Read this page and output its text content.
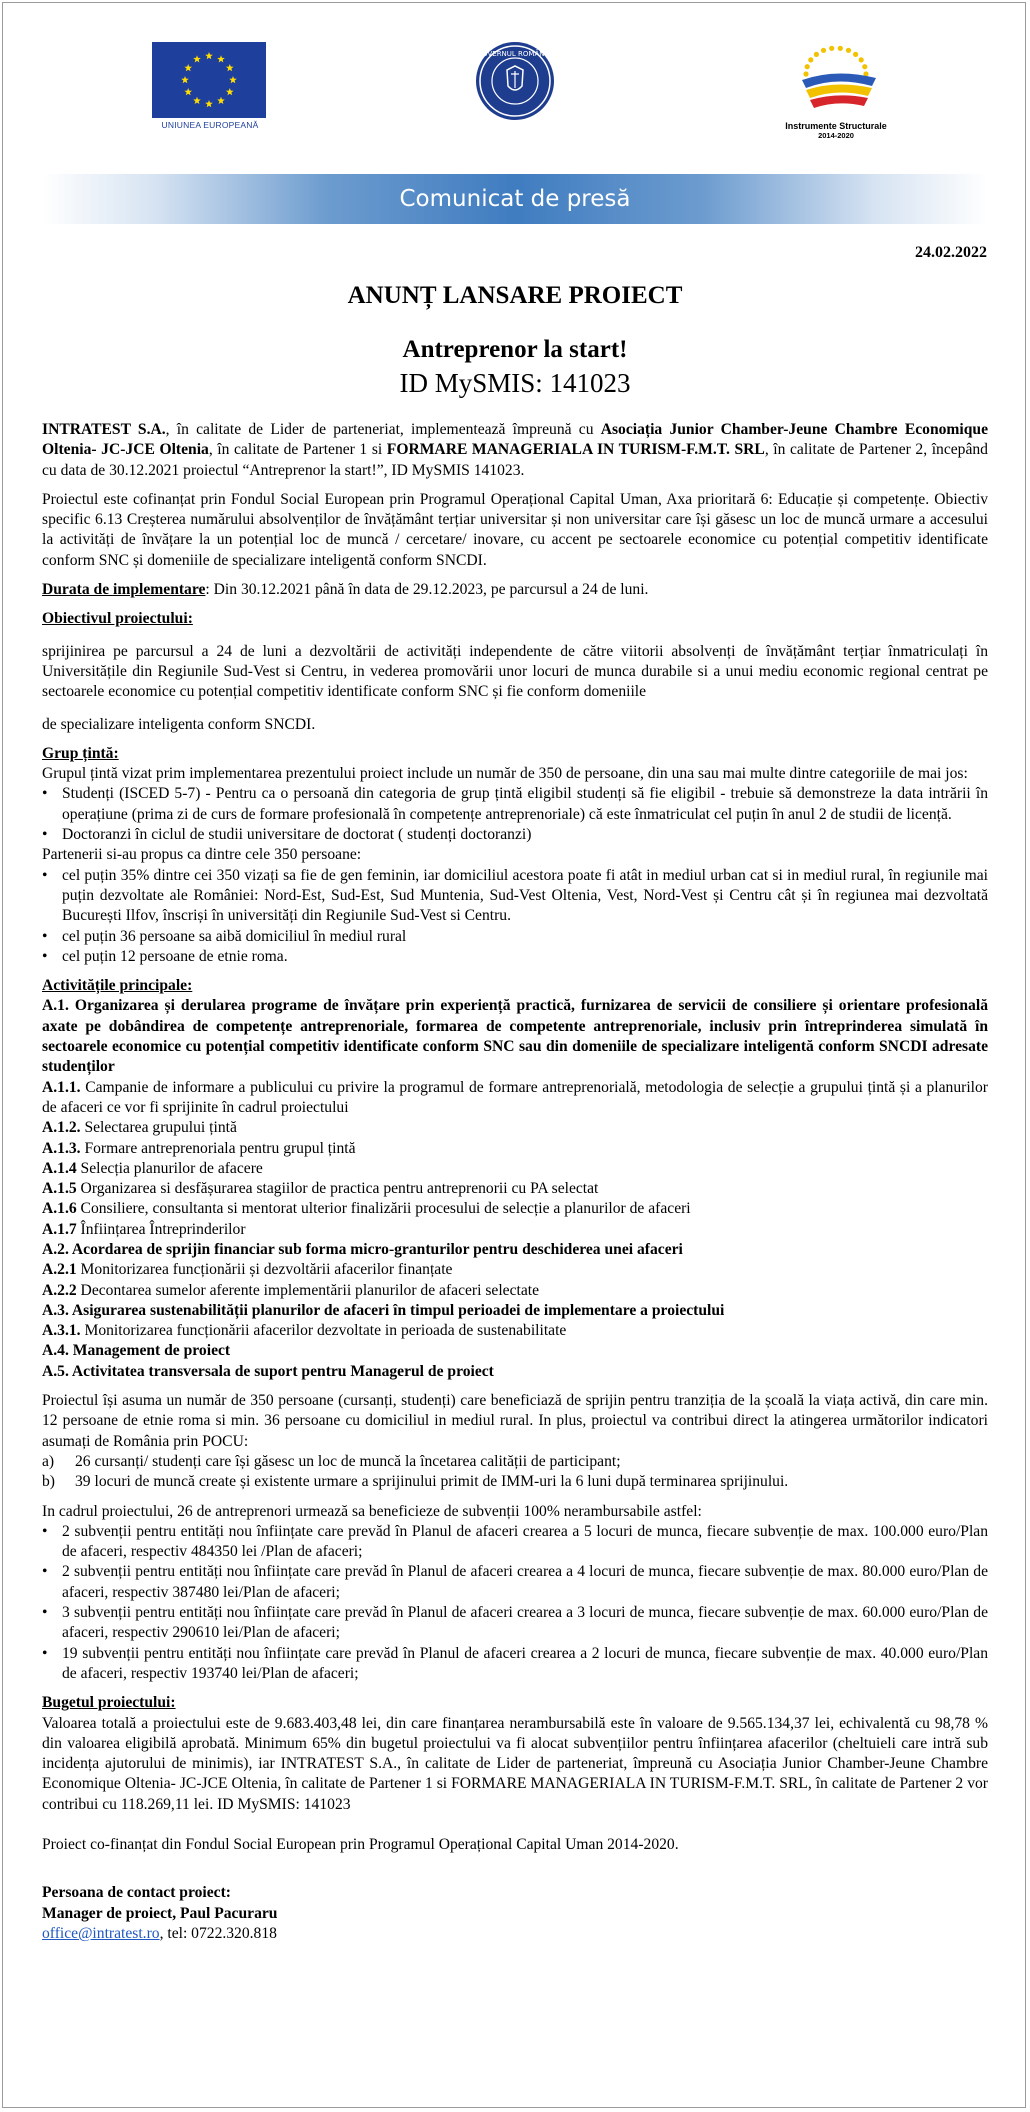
UNIUNEA EUROPEANĂ
GUVERNUL ROMÂNIEI
Instrumente Structurale
2014-2020
Comunicat de presă
24.02.2022
ANUNȚ LANSARE PROIECT
Antreprenor la start!
ID MySMIS: 141023

INTRATEST S.A., în calitate de Lider de parteneriat, implementează împreună cu Asociația Junior Chamber-Jeune Chambre Economique Oltenia- JC-JCE Oltenia, în calitate de Partener 1 si FORMARE MANAGERIALA IN TURISM-F.M.T. SRL, în calitate de Partener 2, începând cu data de 30.12.2021 proiectul “Antreprenor la start!”, ID MySMIS 141023.

Proiectul este cofinanțat prin Fondul Social European prin Programul Operațional Capital Uman, Axa prioritară 6: Educație și competențe. Obiectiv specific 6.13 Creșterea numărului absolvenților de învățământ terțiar universitar și non universitar care își găsesc un loc de muncă urmare a accesului la activități de învățare la un potențial loc de muncă / cercetare/ inovare, cu accent pe sectoarele economice cu potențial competitiv identificate conform SNC și domeniile de specializare inteligentă conform SNCDI.

Durata de implementare: Din 30.12.2021 până în data de 29.12.2023, pe parcursul a 24 de luni.

Obiectivul proiectului:

sprijinirea pe parcursul a 24 de luni a dezvoltării de activități independente de către viitorii absolvenți de învățământ terțiar înmatriculați în Universitățile din Regiunile Sud-Vest si Centru, in vederea promovării unor locuri de munca durabile si a unui mediu economic regional centrat pe sectoarele economice cu potențial competitiv identificate conform SNC și fie conform domeniile

de specializare inteligenta conform SNCDI.

Grup țintă:

Grupul țintă vizat prim implementarea prezentului proiect include un număr de 350 de persoane, din una sau mai multe dintre categoriile de mai jos:

• Studenți (ISCED 5-7) - Pentru ca o persoană din categoria de grup țintă eligibil studenți să fie eligibil - trebuie să demonstreze la data intrării în operațiune (prima zi de curs de formare profesională în competențe antreprenoriale) că este înmatriculat cel puțin în anul 2 de studii de licență.
• Doctoranzi în ciclul de studii universitare de doctorat ( studenți doctoranzi)

Partenerii si-au propus ca dintre cele 350 persoane:

• cel puțin 35% dintre cei 350 vizați sa fie de gen feminin, iar domiciliul acestora poate fi atât in mediul urban cat si in mediul rural, în regiunile mai puțin dezvoltate ale României: Nord-Est, Sud-Est, Sud Muntenia, Sud-Vest Oltenia, Vest, Nord-Vest și Centru cât și în regiunea mai dezvoltată București Ilfov, înscriși în universități din Regiunile Sud-Vest si Centru.
• cel puțin 36 persoane sa aibă domiciliul în mediul rural
• cel puțin 12 persoane de etnie roma.

Activitățile principale:

A.1. Organizarea și derularea programe de învățare prin experiență practică, furnizarea de servicii de consiliere și orientare profesională axate pe dobândirea de competențe antreprenoriale, formarea de competente antreprenoriale, inclusiv prin întreprinderea simulată în sectoarele economice cu potențial competitiv identificate conform SNC sau din domeniile de specializare inteligentă conform SNCDI adresate studenților

A.1.1. Campanie de informare a publicului cu privire la programul de formare antreprenorială, metodologia de selecție a grupului țintă și a planurilor de afaceri ce vor fi sprijinite în cadrul proiectului

A.1.2. Selectarea grupului țintă

A.1.3. Formare antreprenoriala pentru grupul țintă

A.1.4 Selecția planurilor de afacere

A.1.5 Organizarea si desfășurarea stagiilor de practica pentru antreprenorii cu PA selectat

A.1.6 Consiliere, consultanta si mentorat ulterior finalizării procesului de selecție a planurilor de afaceri

A.1.7 Înființarea Întreprinderilor

A.2. Acordarea de sprijin financiar sub forma micro-granturilor pentru deschiderea unei afaceri

A.2.1 Monitorizarea funcționării și dezvoltării afacerilor finanțate

A.2.2 Decontarea sumelor aferente implementării planurilor de afaceri selectate

A.3. Asigurarea sustenabilității planurilor de afaceri în timpul perioadei de implementare a proiectului

A.3.1. Monitorizarea funcționării afacerilor dezvoltate in perioada de sustenabilitate

A.4. Management de proiect

A.5. Activitatea transversala de suport pentru Managerul de proiect

Proiectul își asuma un număr de 350 persoane (cursanți, studenți) care beneficiază de sprijin pentru tranziția de la școală la viața activă, din care min. 12 persoane de etnie roma si min. 36 persoane cu domiciliul in mediul rural. In plus, proiectul va contribui direct la atingerea următorilor indicatori asumați de România prin POCU:

a)	26 cursanți/ studenți care își găsesc un loc de muncă la încetarea calității de participant;
b)	39 locuri de muncă create și existente urmare a sprijinului primit de IMM-uri la 6 luni după terminarea sprijinului.

In cadrul proiectului, 26 de antreprenori urmează sa beneficieze de subvenții 100% nerambursabile astfel:

• 2 subvenții pentru entități nou înființate care prevăd în Planul de afaceri crearea a 5 locuri de munca, fiecare subvenție de max. 100.000 euro/Plan de afaceri, respectiv 484350 lei /Plan de afaceri;
• 2 subvenții pentru entități nou înființate care prevăd în Planul de afaceri crearea a 4 locuri de munca, fiecare subvenție de max. 80.000 euro/Plan de afaceri, respectiv 387480 lei/Plan de afaceri;
• 3 subvenții pentru entități nou înființate care prevăd în Planul de afaceri crearea a 3 locuri de munca, fiecare subvenție de max. 60.000 euro/Plan de afaceri, respectiv 290610 lei/Plan de afaceri;
• 19 subvenții pentru entități nou înființate care prevăd în Planul de afaceri crearea a 2 locuri de munca, fiecare subvenție de max. 40.000 euro/Plan de afaceri, respectiv 193740 lei/Plan de afaceri;

Bugetul proiectului:

Valoarea totală a proiectului este de 9.683.403,48 lei, din care finanțarea nerambursabilă este în valoare de 9.565.134,37 lei, echivalentă cu 98,78 % din valoarea eligibilă aprobată. Minimum 65% din bugetul proiectului va fi alocat subvențiilor pentru înființarea afacerilor (cheltuieli care intră sub incidența ajutorului de minimis), iar INTRATEST S.A., în calitate de Lider de parteneriat, împreună cu Asociația Junior Chamber-Jeune Chambre Economique Oltenia- JC-JCE Oltenia, în calitate de Partener 1 si FORMARE MANAGERIALA IN TURISM-F.M.T. SRL, în calitate de Partener 2 vor contribui cu 118.269,11 lei. ID MySMIS: 141023

Proiect co-finanțat din Fondul Social European prin Programul Operațional Capital Uman 2014-2020.

Persoana de contact proiect:

Manager de proiect, Paul Pacuraru

office@intratest.ro, tel: 0722.320.818
